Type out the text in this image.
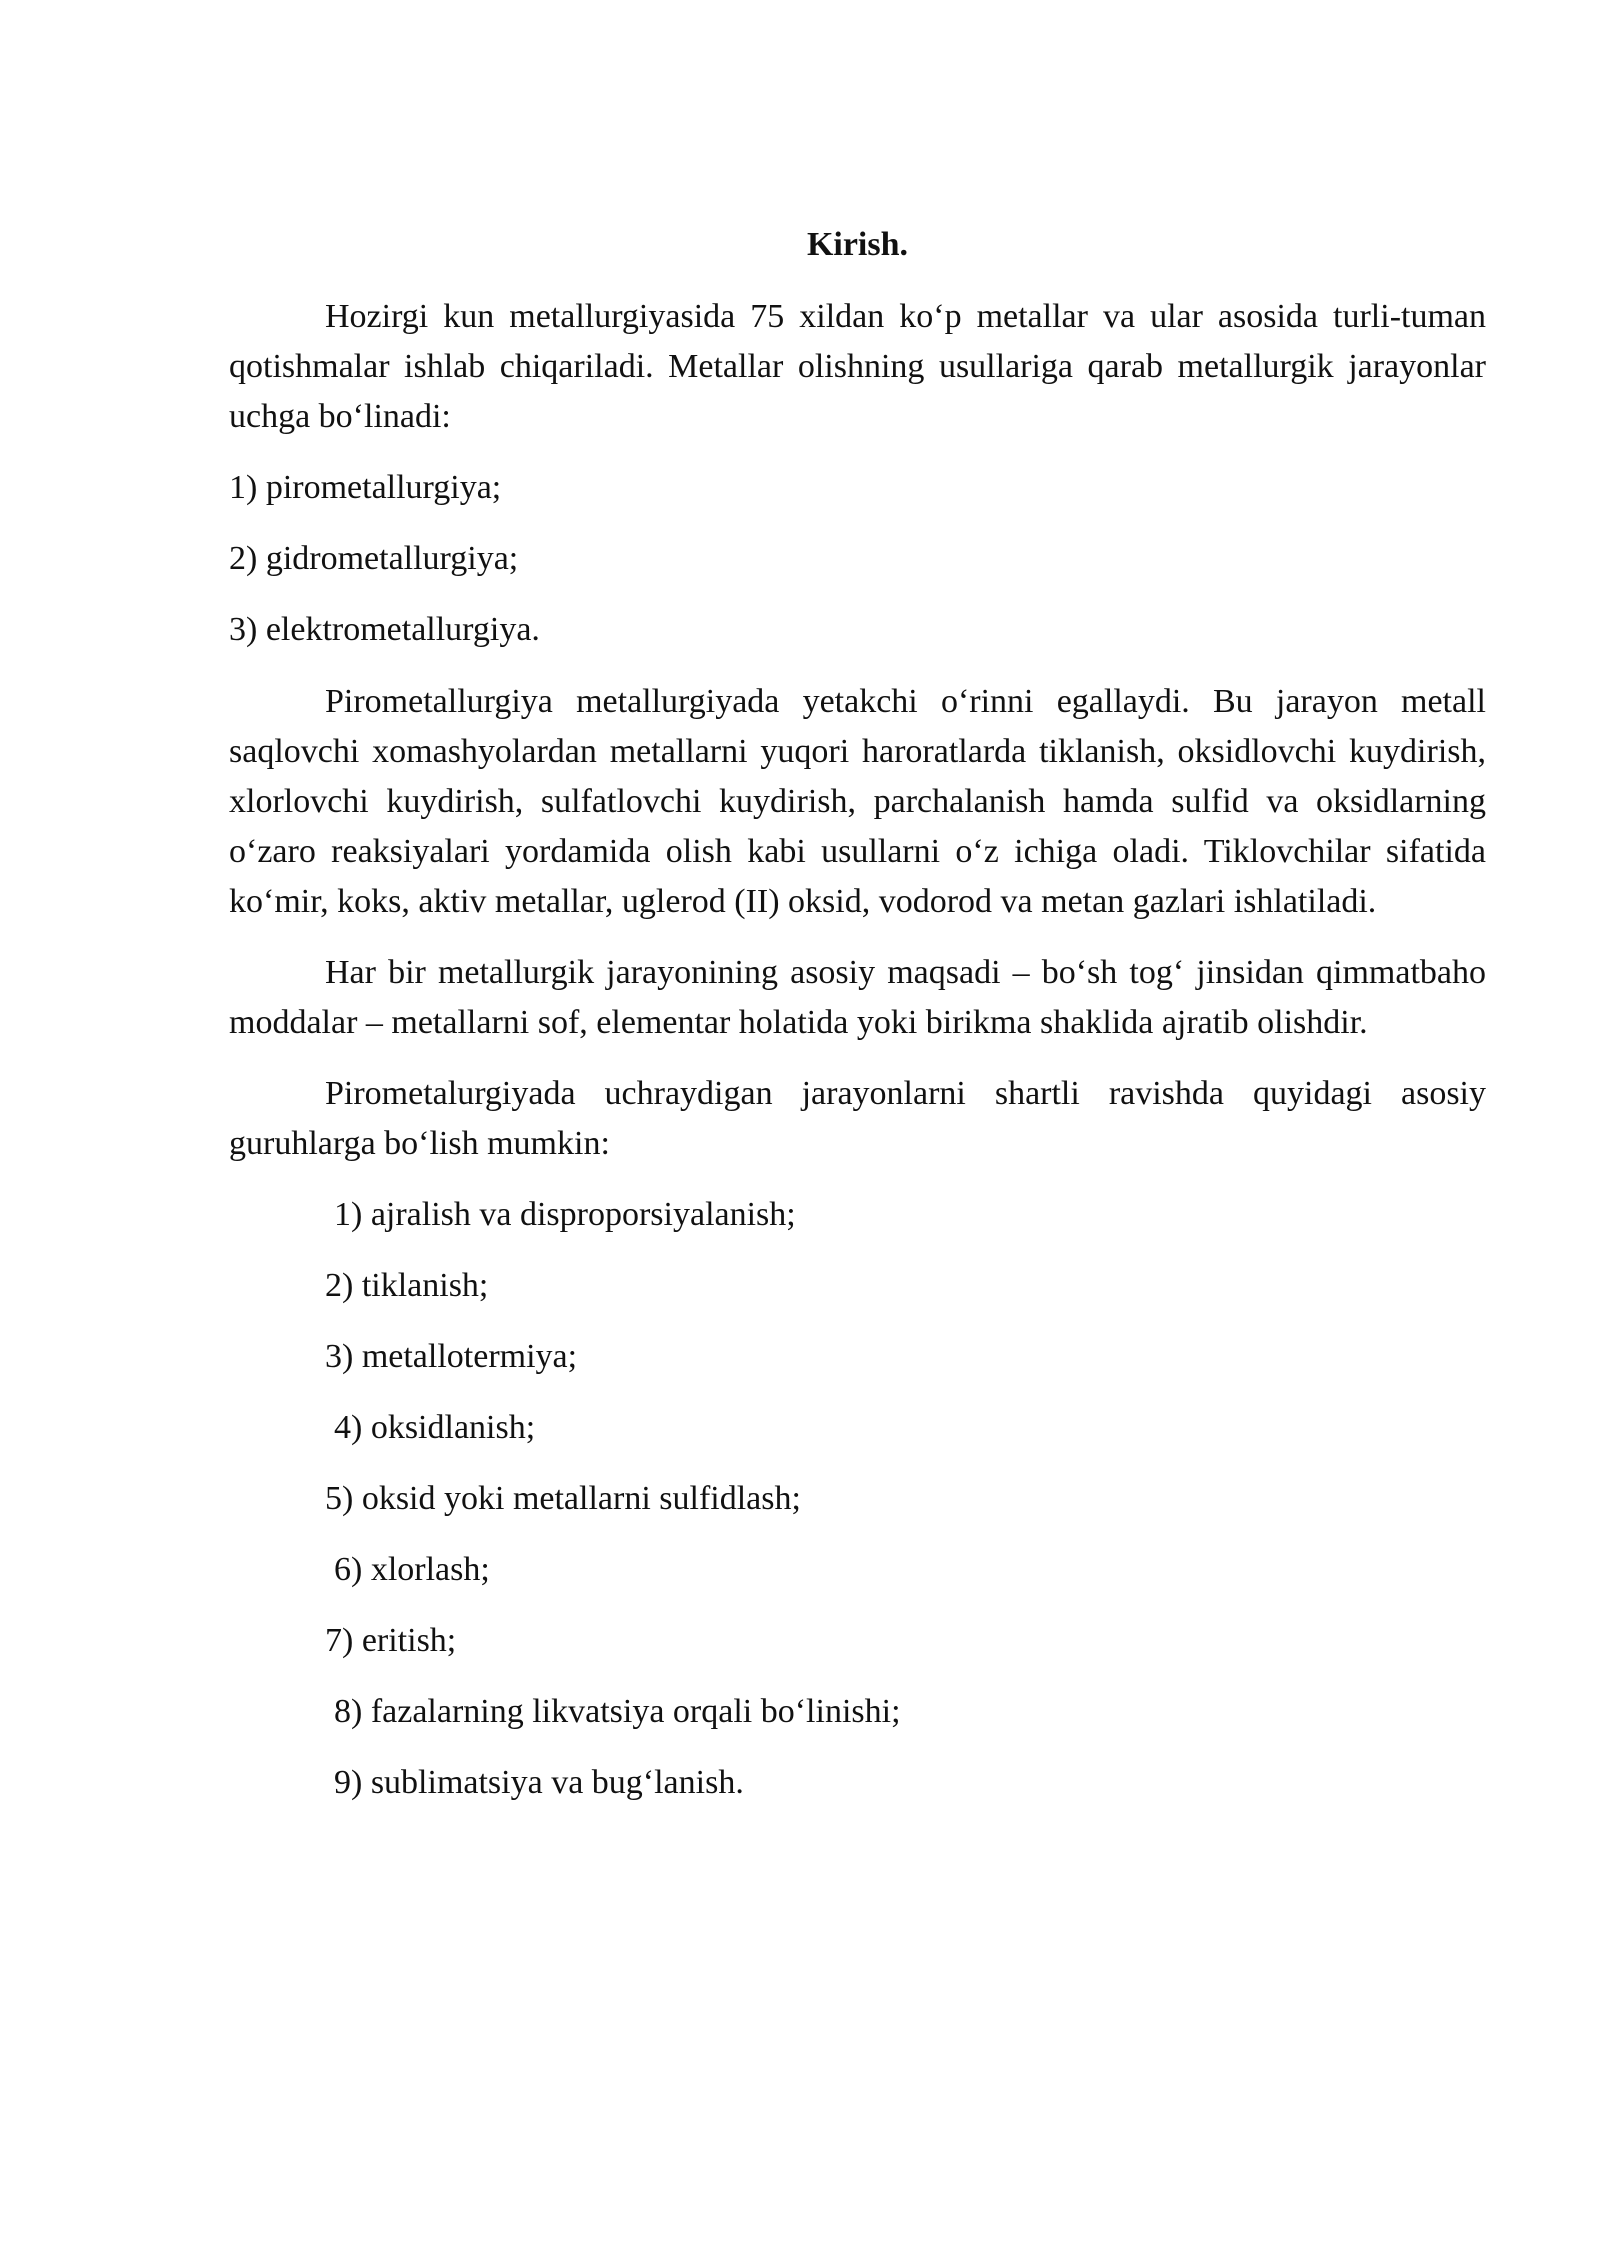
Kirish.

Hozirgi kun metallurgiyasida 75 xildan ko‘p metallar va ular asosida turli-tuman qotishmalar ishlab chiqariladi. Metallar olishning usullariga qarab metallurgik jarayonlar uchga bo‘linadi:

1) pirometallurgiya;
2) gidrometallurgiya;
3) elektrometallurgiya.

Pirometallurgiya metallurgiyada yetakchi o‘rinni egallaydi. Bu jarayon metall saqlovchi xomashyolardan metallarni yuqori haroratlarda tiklanish, oksidlovchi kuydirish, xlorlovchi kuydirish, sulfatlovchi kuydirish, parchalanish hamda sulfid va oksidlarning o‘zaro reaksiyalari yordamida olish kabi usullarni o‘z ichiga oladi. Tiklovchilar sifatida ko‘mir, koks, aktiv metallar, uglerod (II) oksid, vodorod va metan gazlari ishlatiladi.

Har bir metallurgik jarayonining asosiy maqsadi – bo‘sh tog‘ jinsidan qimmatbaho moddalar – metallarni sof, elementar holatida yoki birikma shaklida ajratib olishdir.

Pirometalurgiyada uchraydigan jarayonlarni shartli ravishda quyidagi asosiy guruhlarga bo‘lish mumkin:

1) ajralish va disproporsiyalanish;
2) tiklanish;
3) metallotermiya;
4) oksidlanish;
5) oksid yoki metallarni sulfidlash;
6) xlorlash;
7) eritish;
8) fazalarning likvatsiya orqali bo‘linishi;
9) sublimatsiya va bug‘lanish.
